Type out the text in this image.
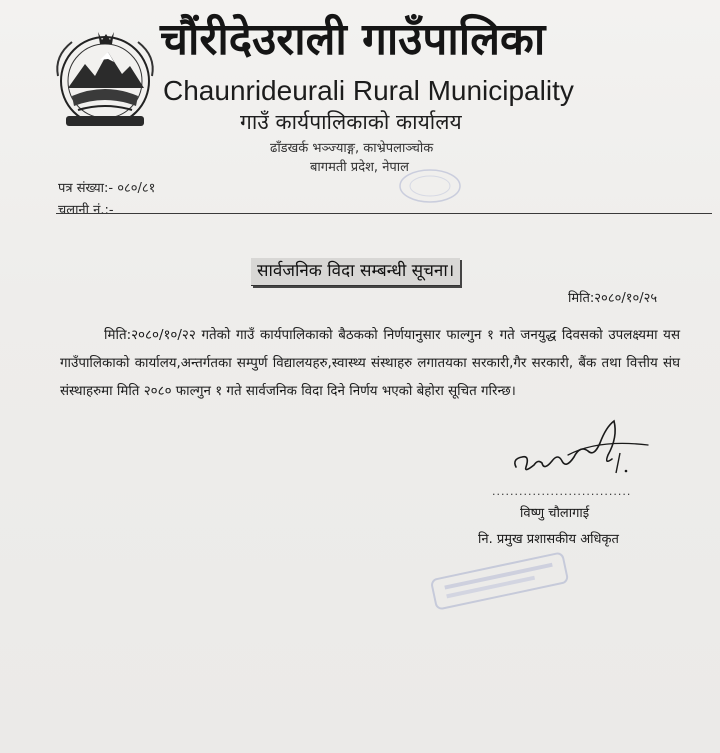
चौंरीदेउराली गाउँपालिका
Chaunrideurali Rural Municipality
गाउँ कार्यपालिकाको कार्यालय
ढाँडखर्क भञ्ज्याङ्ग, काभ्रेपलाञ्चोक
बागमती प्रदेश, नेपाल
पत्र संख्या:- ०८०/८१
चलानी नं.:-
सार्वजनिक विदा सम्बन्धी सूचना।
मिति:२०८०/१०/२५
मिति:२०८०/१०/२२ गतेको गाउँ कार्यपालिकाको बैठकको निर्णयानुसार फाल्गुन १ गते जनयुद्ध दिवसको उपलक्ष्यमा यस गाउँपालिकाको कार्यालय,अन्तर्गतका सम्पुर्ण विद्यालयहरु,स्वास्थ्य संस्थाहरु लगातयका सरकारी,गैर सरकारी, बैंक तथा वित्तीय संघ संस्थाहरुमा मिति २०८० फाल्गुन १ गते सार्वजनिक विदा दिने निर्णय भएको बेहोरा सूचित गरिन्छ।
...............................
विष्णु चौलागाई
नि. प्रमुख प्रशासकीय अधिकृत
